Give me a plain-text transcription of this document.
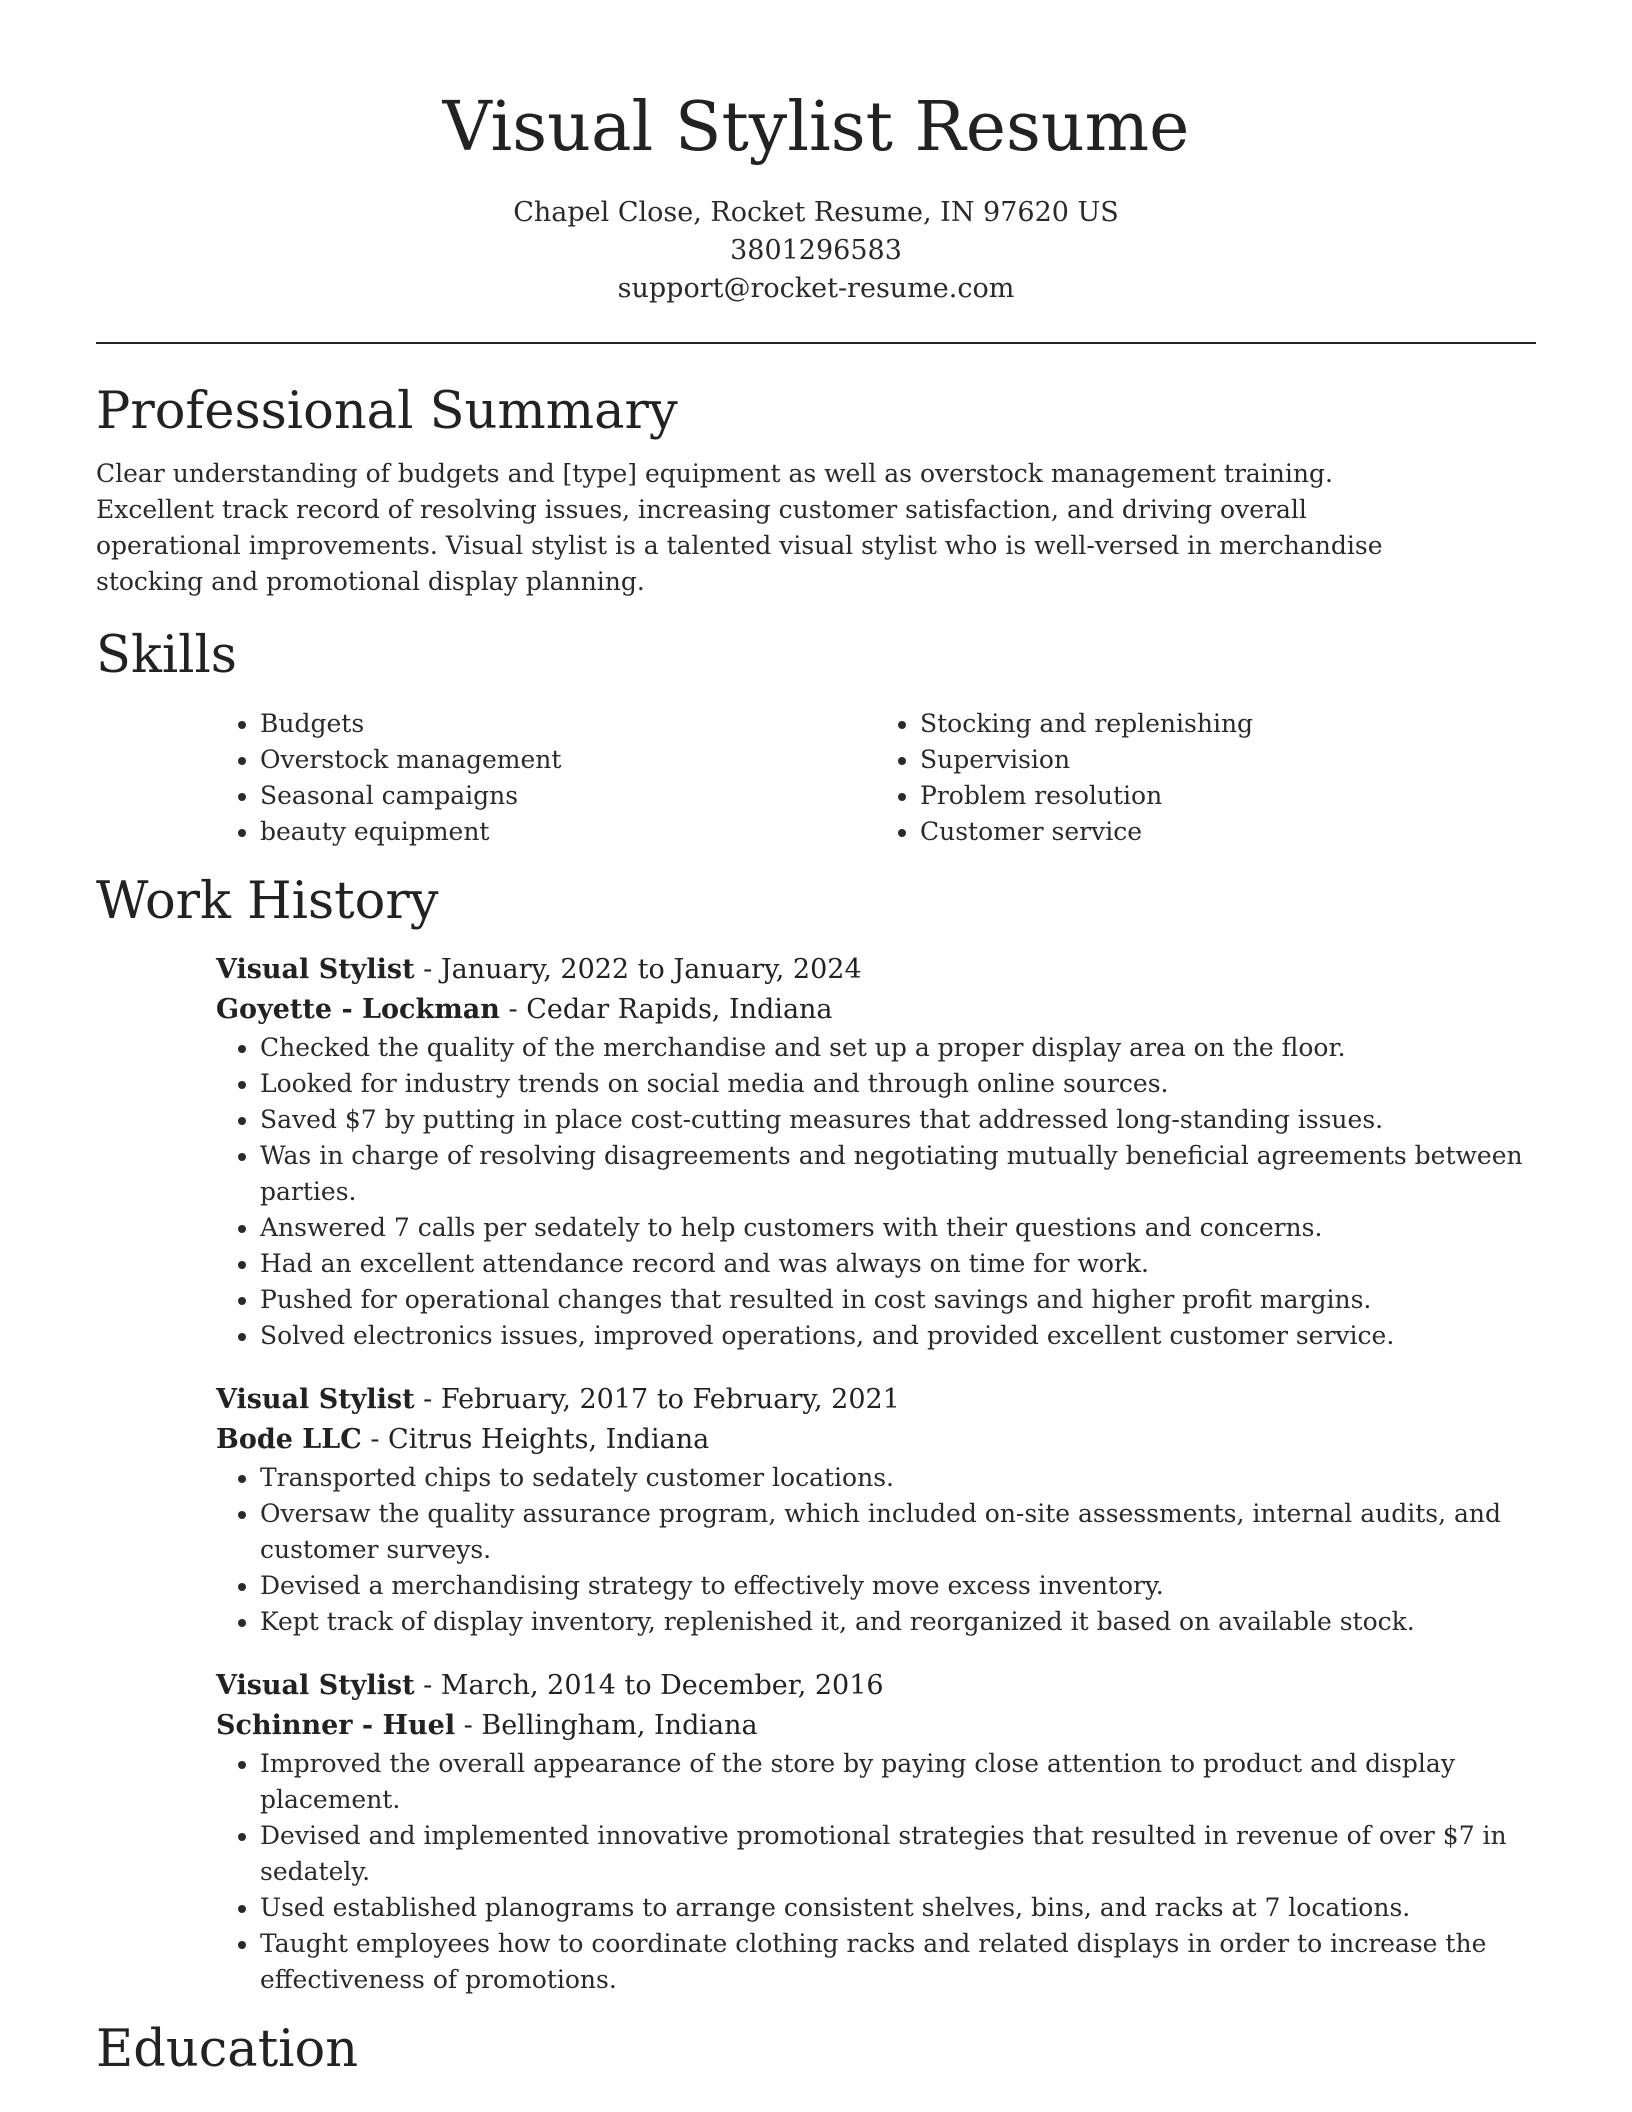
Visual Stylist Resume
Chapel Close, Rocket Resume, IN 97620 US
3801296583
support@rocket-resume.com
Professional Summary

Clear understanding of budgets and [type] equipment as well as overstock management training. Excellent track record of resolving issues, increasing customer satisfaction, and driving overall operational improvements. Visual stylist is a talented visual stylist who is well-versed in merchandise stocking and promotional display planning.

Skills
• Budgets
• Overstock management
• Seasonal campaigns
• beauty equipment
• Stocking and replenishing
• Supervision
• Problem resolution
• Customer service
Work History
Visual Stylist - January, 2022 to January, 2024
Goyette - Lockman - Cedar Rapids, Indiana
• Checked the quality of the merchandise and set up a proper display area on the floor.
• Looked for industry trends on social media and through online sources.
• Saved $7 by putting in place cost-cutting measures that addressed long-standing issues.
• Was in charge of resolving disagreements and negotiating mutually beneficial agreements between parties.
• Answered 7 calls per sedately to help customers with their questions and concerns.
• Had an excellent attendance record and was always on time for work.
• Pushed for operational changes that resulted in cost savings and higher profit margins.
• Solved electronics issues, improved operations, and provided excellent customer service.
Visual Stylist - February, 2017 to February, 2021
Bode LLC - Citrus Heights, Indiana
• Transported chips to sedately customer locations.
• Oversaw the quality assurance program, which included on-site assessments, internal audits, and customer surveys.
• Devised a merchandising strategy to effectively move excess inventory.
• Kept track of display inventory, replenished it, and reorganized it based on available stock.
Visual Stylist - March, 2014 to December, 2016
Schinner - Huel - Bellingham, Indiana
• Improved the overall appearance of the store by paying close attention to product and display placement.
• Devised and implemented innovative promotional strategies that resulted in revenue of over $7 in sedately.
• Used established planograms to arrange consistent shelves, bins, and racks at 7 locations.
• Taught employees how to coordinate clothing racks and related displays in order to increase the effectiveness of promotions.
Education
